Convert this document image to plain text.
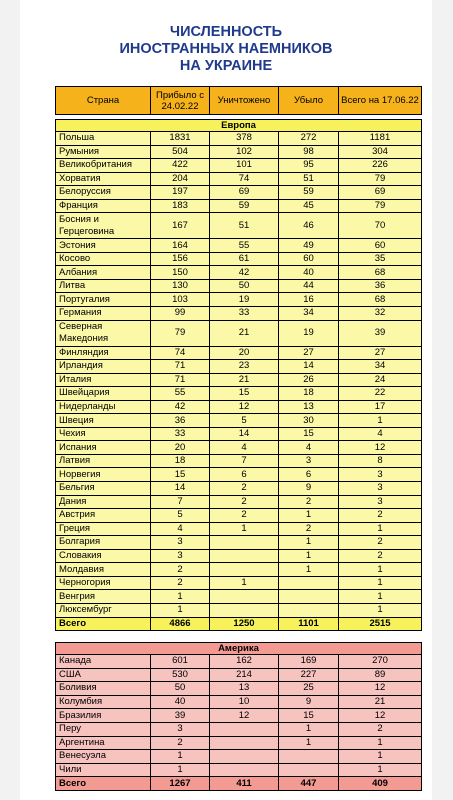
ЧИСЛЕННОСТЬ
ИНОСТРАННЫХ НАЕМНИКОВ
НА УКРАИНЕ
Страна	Прибыло с 24.02.22	Уничтожено	Убыло	Всего на 17.06.22
Европа				
Польша	1831	378	272	1181
Румыния	504	102	98	304
Великобритания	422	101	95	226
Хорватия	204	74	51	79
Белоруссия	197	69	59	69
Франция	183	59	45	79
Босния и Герцеговина	167	51	46	70
Эстония	164	55	49	60
Косово	156	61	60	35
Албания	150	42	40	68
Литва	130	50	44	36
Португалия	103	19	16	68
Германия	99	33	34	32
Северная Македония	79	21	19	39
Финляндия	74	20	27	27
Ирландия	71	23	14	34
Италия	71	21	26	24
Швейцария	55	15	18	22
Нидерланды	42	12	13	17
Швеция	36	5	30	1
Чехия	33	14	15	4
Испания	20	4	4	12
Латвия	18	7	3	8
Норвегия	15	6	6	3
Бельгия	14	2	9	3
Дания	7	2	2	3
Австрия	5	2	1	2
Греция	4	1	2	1
Болгария	3		1	2
Словакия	3		1	2
Молдавия	2		1	1
Черногория	2	1		1
Венгрия	1			1
Люксембург	1			1
Всего	4866	1250	1101	2515
Америка				
Канада	601	162	169	270
США	530	214	227	89
Боливия	50	13	25	12
Колумбия	40	10	9	21
Бразилия	39	12	15	12
Перу	3		1	2
Аргентина	2		1	1
Венесуэла	1			1
Чили	1			1
Всего	1267	411	447	409
